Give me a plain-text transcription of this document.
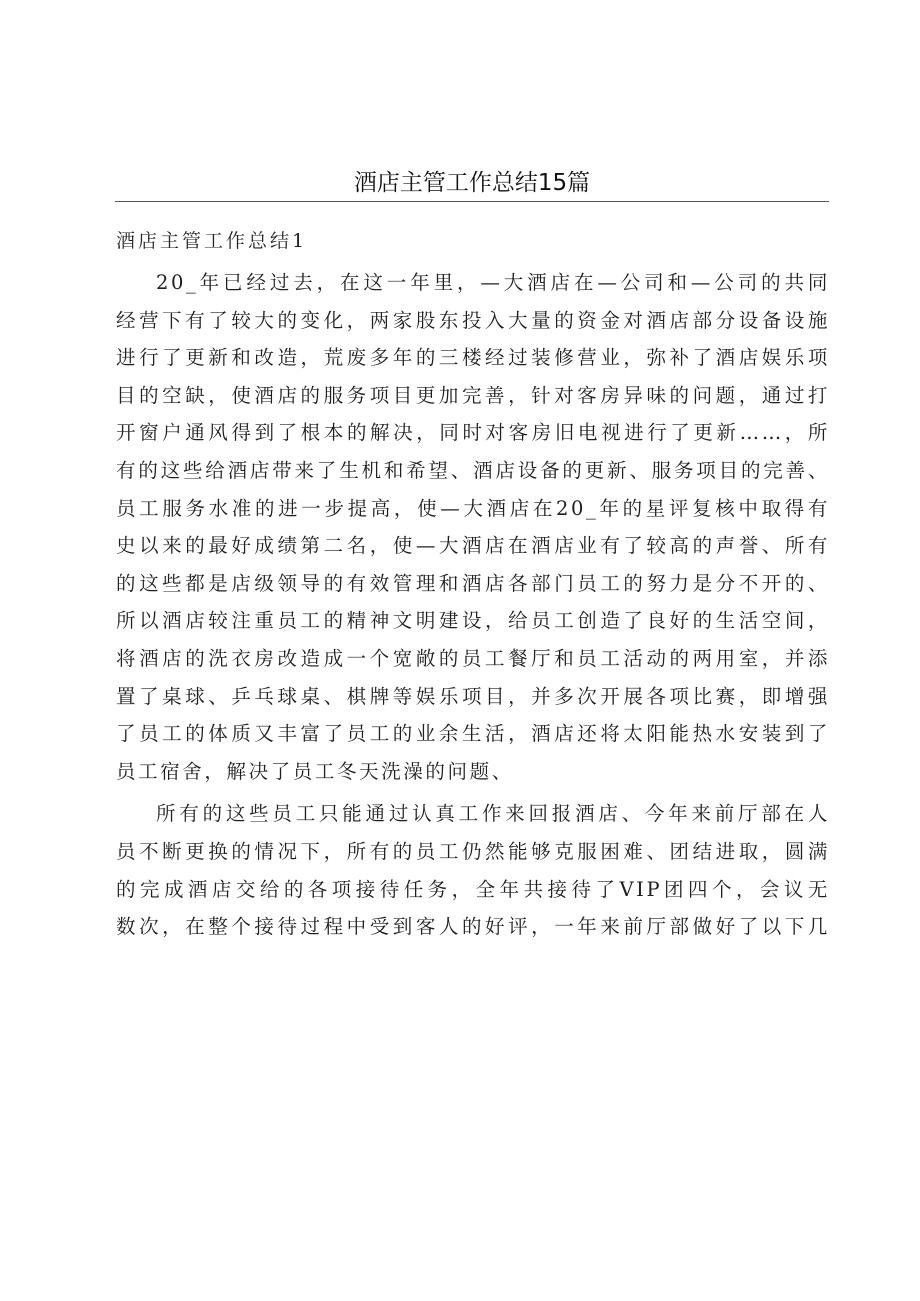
酒店主管工作总结15篇
酒店主管工作总结1

20_年已经过去，在这一年里，—大酒店在—公司和—公司的共同
经营下有了较大的变化，两家股东投入大量的资金对酒店部分设备设施
进行了更新和改造，荒废多年的三楼经过装修营业，弥补了酒店娱乐项
目的空缺，使酒店的服务项目更加完善，针对客房异味的问题，通过打
开窗户通风得到了根本的解决，同时对客房旧电视进行了更新……，所
有的这些给酒店带来了生机和希望、酒店设备的更新、服务项目的完善、
员工服务水准的进一步提高，使—大酒店在20_年的星评复核中取得有
史以来的最好成绩第二名，使—大酒店在酒店业有了较高的声誉、所有
的这些都是店级领导的有效管理和酒店各部门员工的努力是分不开的、
所以酒店较注重员工的精神文明建设，给员工创造了良好的生活空间，
将酒店的洗衣房改造成一个宽敞的员工餐厅和员工活动的两用室，并添
置了桌球、乒乓球桌、棋牌等娱乐项目，并多次开展各项比赛，即增强
了员工的体质又丰富了员工的业余生活，酒店还将太阳能热水安装到了
员工宿舍，解决了员工冬天洗澡的问题、

所有的这些员工只能通过认真工作来回报酒店、今年来前厅部在人
员不断更换的情况下，所有的员工仍然能够克服困难、团结进取，圆满
的完成酒店交给的各项接待任务，全年共接待了VIP团四个，会议无
数次，在整个接待过程中受到客人的好评，一年来前厅部做好了以下几
